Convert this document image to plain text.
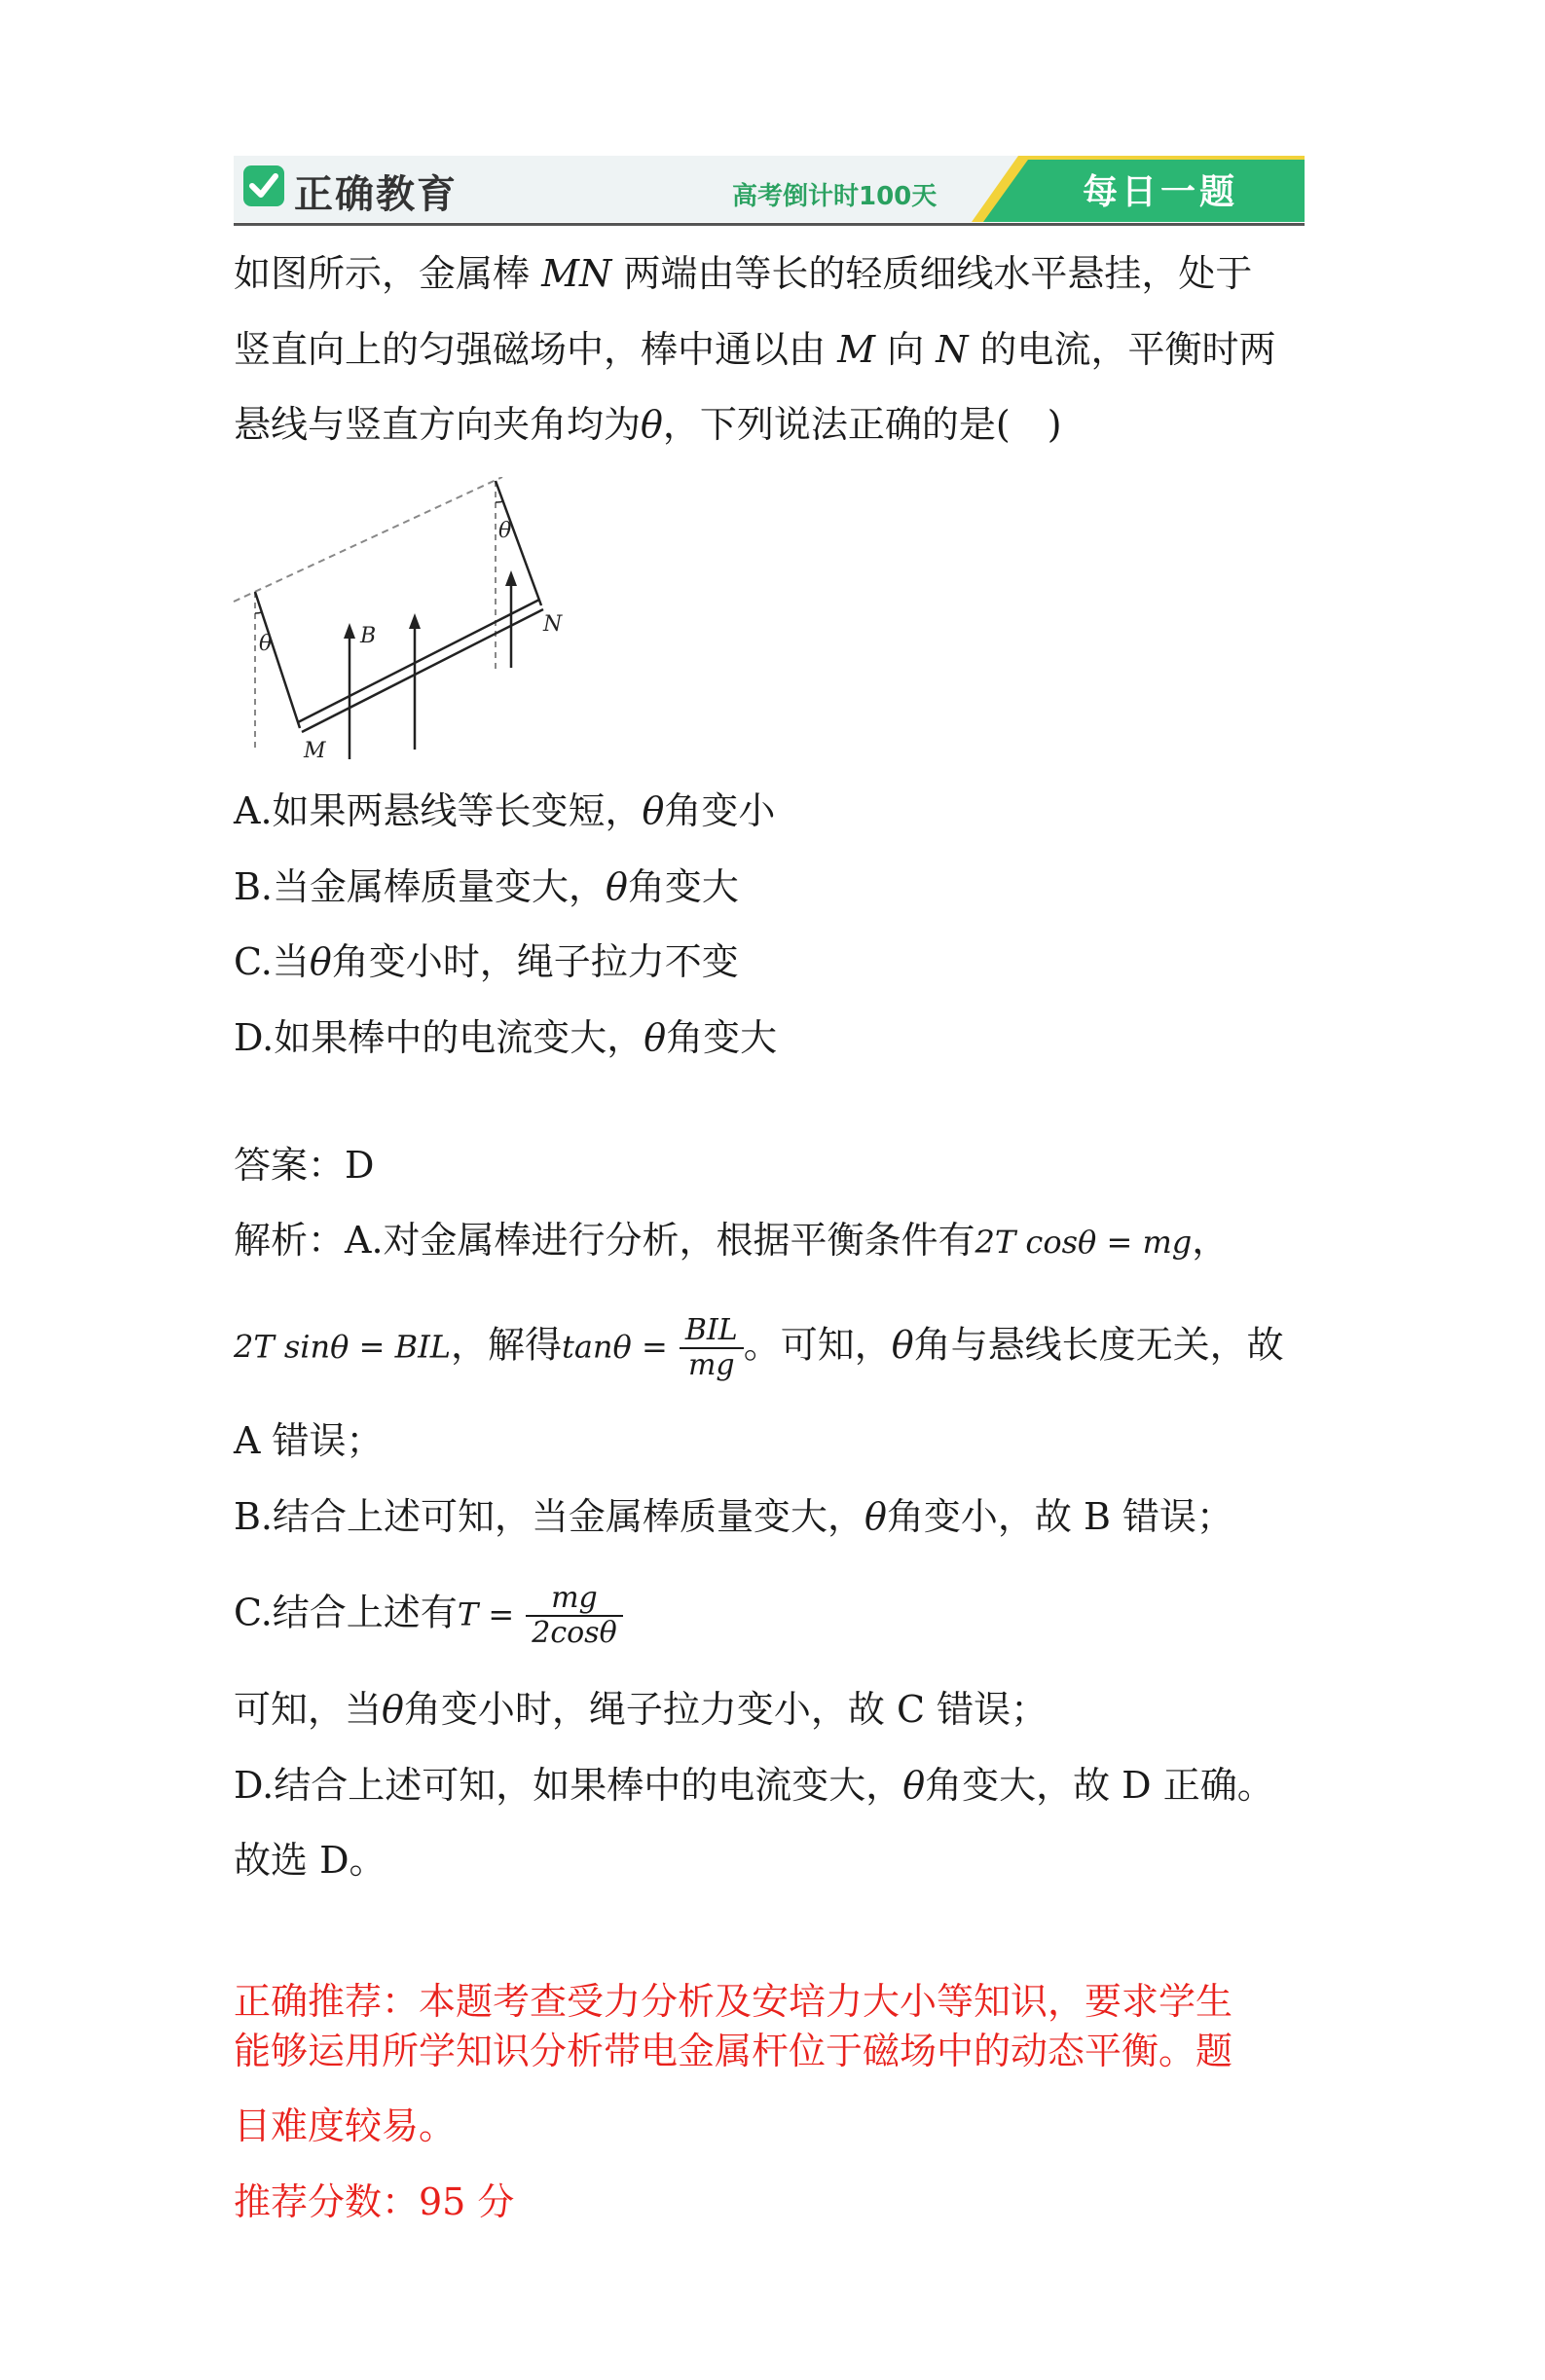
正确教育	高考倒计时100天	每日一题
如图所示，金属棒 MN 两端由等长的轻质细线水平悬挂，处于
竖直向上的匀强磁场中，棒中通以由 M 向 N 的电流，平衡时两
悬线与竖直方向夹角均为θ，下列说法正确的是(　)
θ
θ
B
M
N
A.如果两悬线等长变短，θ角变小
B.当金属棒质量变大，θ角变大
C.当θ角变小时，绳子拉力不变
D.如果棒中的电流变大，θ角变大
答案：D
解析：A.对金属棒进行分析，根据平衡条件有2T cosθ = mg，
2T sinθ = BIL，解得$\tan\theta = \frac{\text{BIL}}{mg}$ 。可知，θ角与悬线长度无关，故
A 错误；
B.结合上述可知，当金属棒质量变大，θ角变小，故 B 错误；
C.结合上述有$T = \frac{mg}{2\cos\theta}$
可知，当θ角变小时，绳子拉力变小，故 C 错误；
D.结合上述可知，如果棒中的电流变大，θ角变大，故 D 正确。
故选 D。
正确推荐：本题考查受力分析及安培力大小等知识，要求学生
能够运用所学知识分析带电金属杆位于磁场中的动态平衡。题
目难度较易。
推荐分数：95 分
